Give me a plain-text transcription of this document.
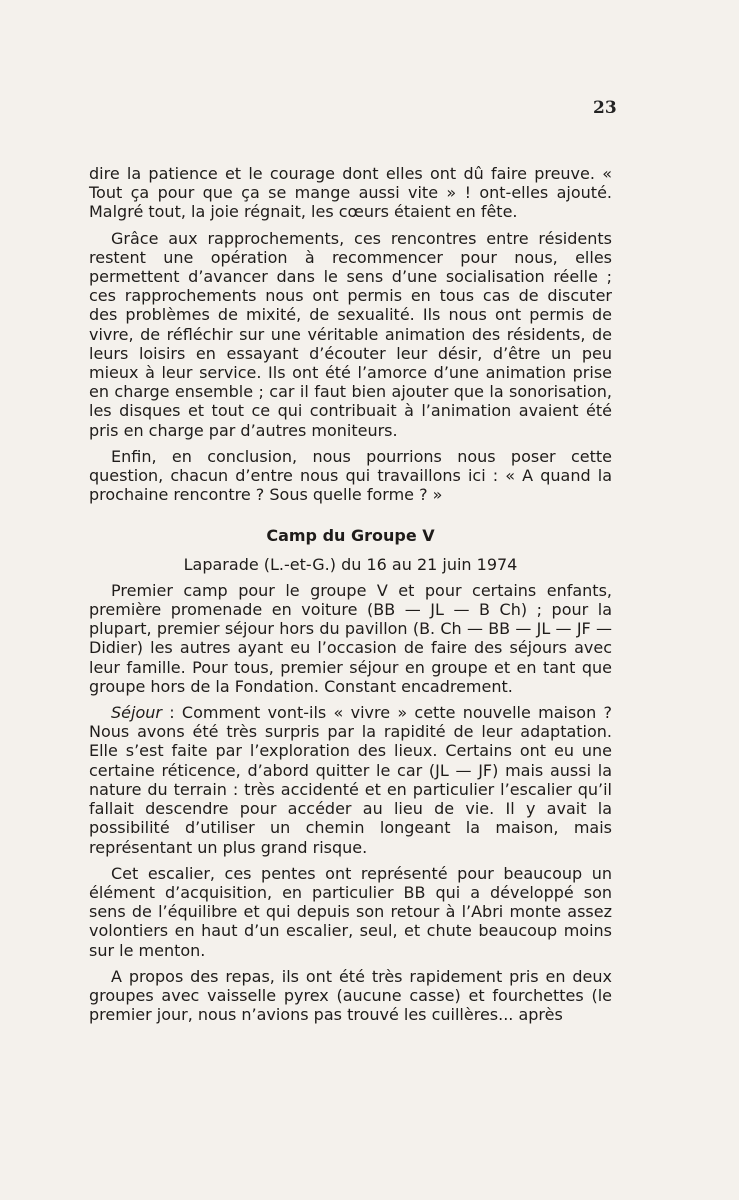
23

dire la patience et le courage dont elles ont dû faire preuve. « Tout ça pour que ça se mange aussi vite » ! ont-elles ajouté. Malgré tout, la joie régnait, les cœurs étaient en fête.

Grâce aux rapprochements, ces rencontres entre résidents restent une opération à recommencer pour nous, elles permettent d’avancer dans le sens d’une socialisation réelle ; ces rapprochements nous ont permis en tous cas de discuter des problèmes de mixité, de sexualité. Ils nous ont permis de vivre, de réfléchir sur une véritable animation des résidents, de leurs loisirs en essayant d’écouter leur désir, d’être un peu mieux à leur service. Ils ont été l’amorce d’une animation prise en charge ensemble ; car il faut bien ajouter que la sonorisation, les disques et tout ce qui contribuait à l’animation avaient été pris en charge par d’autres moniteurs.

Enfin, en conclusion, nous pourrions nous poser cette question, chacun d’entre nous qui travaillons ici : « A quand la prochaine rencontre ? Sous quelle forme ? »

Camp du Groupe V
Laparade (L.-et-G.) du 16 au 21 juin 1974

Premier camp pour le groupe V et pour certains enfants, première promenade en voiture (BB — JL — B Ch) ; pour la plupart, premier séjour hors du pavillon (B. Ch — BB — JL — JF — Didier) les autres ayant eu l’occasion de faire des séjours avec leur famille. Pour tous, premier séjour en groupe et en tant que groupe hors de la Fondation. Constant encadrement.

Séjour : Comment vont-ils « vivre » cette nouvelle maison ? Nous avons été très surpris par la rapidité de leur adaptation. Elle s’est faite par l’exploration des lieux. Certains ont eu une certaine réticence, d’abord quitter le car (JL — JF) mais aussi la nature du terrain : très accidenté et en particulier l’escalier qu’il fallait descendre pour accéder au lieu de vie. Il y avait la possibilité d’utiliser un chemin longeant la maison, mais représentant un plus grand risque.

Cet escalier, ces pentes ont représenté pour beaucoup un élément d’acquisition, en particulier BB qui a développé son sens de l’équilibre et qui depuis son retour à l’Abri monte assez volontiers en haut d’un escalier, seul, et chute beaucoup moins sur le menton.

A propos des repas, ils ont été très rapidement pris en deux groupes avec vaisselle pyrex (aucune casse) et fourchettes (le premier jour, nous n’avions pas trouvé les cuillères... après
